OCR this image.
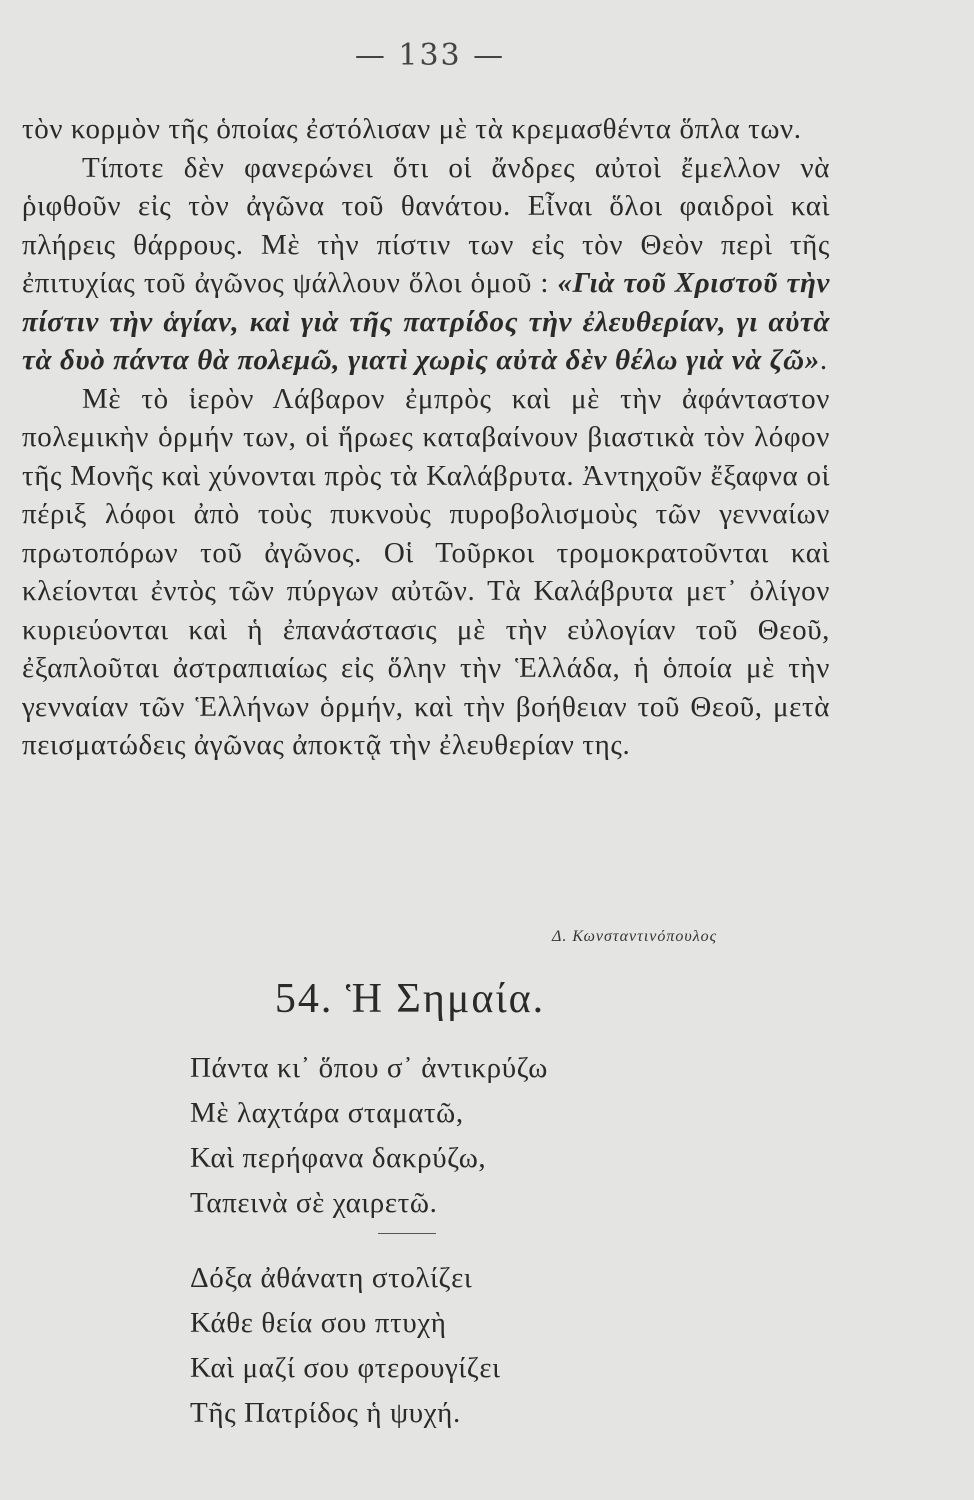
— 133 —

τὸν κορμὸν τῆς ὁποίας ἐστόλισαν μὲ τὰ κρεμασθέντα ὅπλα των.

Τίποτε δὲν φανερώνει ὅτι οἱ ἄνδρες αὐτοὶ ἔμελλον νὰ ῥιφθοῦν εἰς τὸν ἀγῶνα τοῦ θανάτου. Εἶναι ὅλοι φαιδροὶ καὶ πλήρεις θάρρους. Μὲ τὴν πίστιν των εἰς τὸν Θεὸν περὶ τῆς ἐπιτυχίας τοῦ ἀγῶνος ψάλλουν ὅλοι ὁμοῦ : «Γιὰ τοῦ Χριστοῦ τὴν πίστιν τὴν ἁγίαν, καὶ γιὰ τῆς πατρίδος τὴν ἐλευθερίαν, γι αὐτὰ τὰ δυὸ πάντα θὰ πολεμῶ, γιατὶ χωρὶς αὐτὰ δὲν θέλω γιὰ νὰ ζῶ».

Μὲ τὸ ἱερὸν Λάβαρον ἐμπρὸς καὶ μὲ τὴν ἀφάνταστον πολεμικὴν ὁρμήν των, οἱ ἥρωες καταβαίνουν βιαστικὰ τὸν λόφον τῆς Μονῆς καὶ χύνονται πρὸς τὰ Καλάβρυτα. Ἀντηχοῦν ἔξαφνα οἱ πέριξ λόφοι ἀπὸ τοὺς πυκνοὺς πυροβολισμοὺς τῶν γενναίων πρωτοπόρων τοῦ ἀγῶνος. Οἱ Τοῦρκοι τρομοκρατοῦνται καὶ κλείονται ἐντὸς τῶν πύργων αὐτῶν. Τὰ Καλάβρυτα μετ᾽ ὀλίγον κυριεύονται καὶ ἡ ἐπανάστασις μὲ τὴν εὐλογίαν τοῦ Θεοῦ, ἐξαπλοῦται ἀστραπιαίως εἰς ὅλην τὴν Ἑλλάδα, ἡ ὁποία μὲ τὴν γενναίαν τῶν Ἑλλήνων ὁρμήν, καὶ τὴν βοήθειαν τοῦ Θεοῦ, μετὰ πεισματώδεις ἀγῶνας ἀποκτᾷ τὴν ἐλευθερίαν της.

Δ. Κωνσταντινόπουλος
54. Ἡ Σημαία.
Πάντα κι᾽ ὅπου σ᾽ ἀντικρύζω
Μὲ λαχτάρα σταματῶ,
Καὶ περήφανα δακρύζω,
Ταπεινὰ σὲ χαιρετῶ.
Δόξα ἀθάνατη στολίζει
Κάθε θεία σου πτυχὴ
Καὶ μαζί σου φτερουγίζει
Τῆς Πατρίδος ἡ ψυχή.
